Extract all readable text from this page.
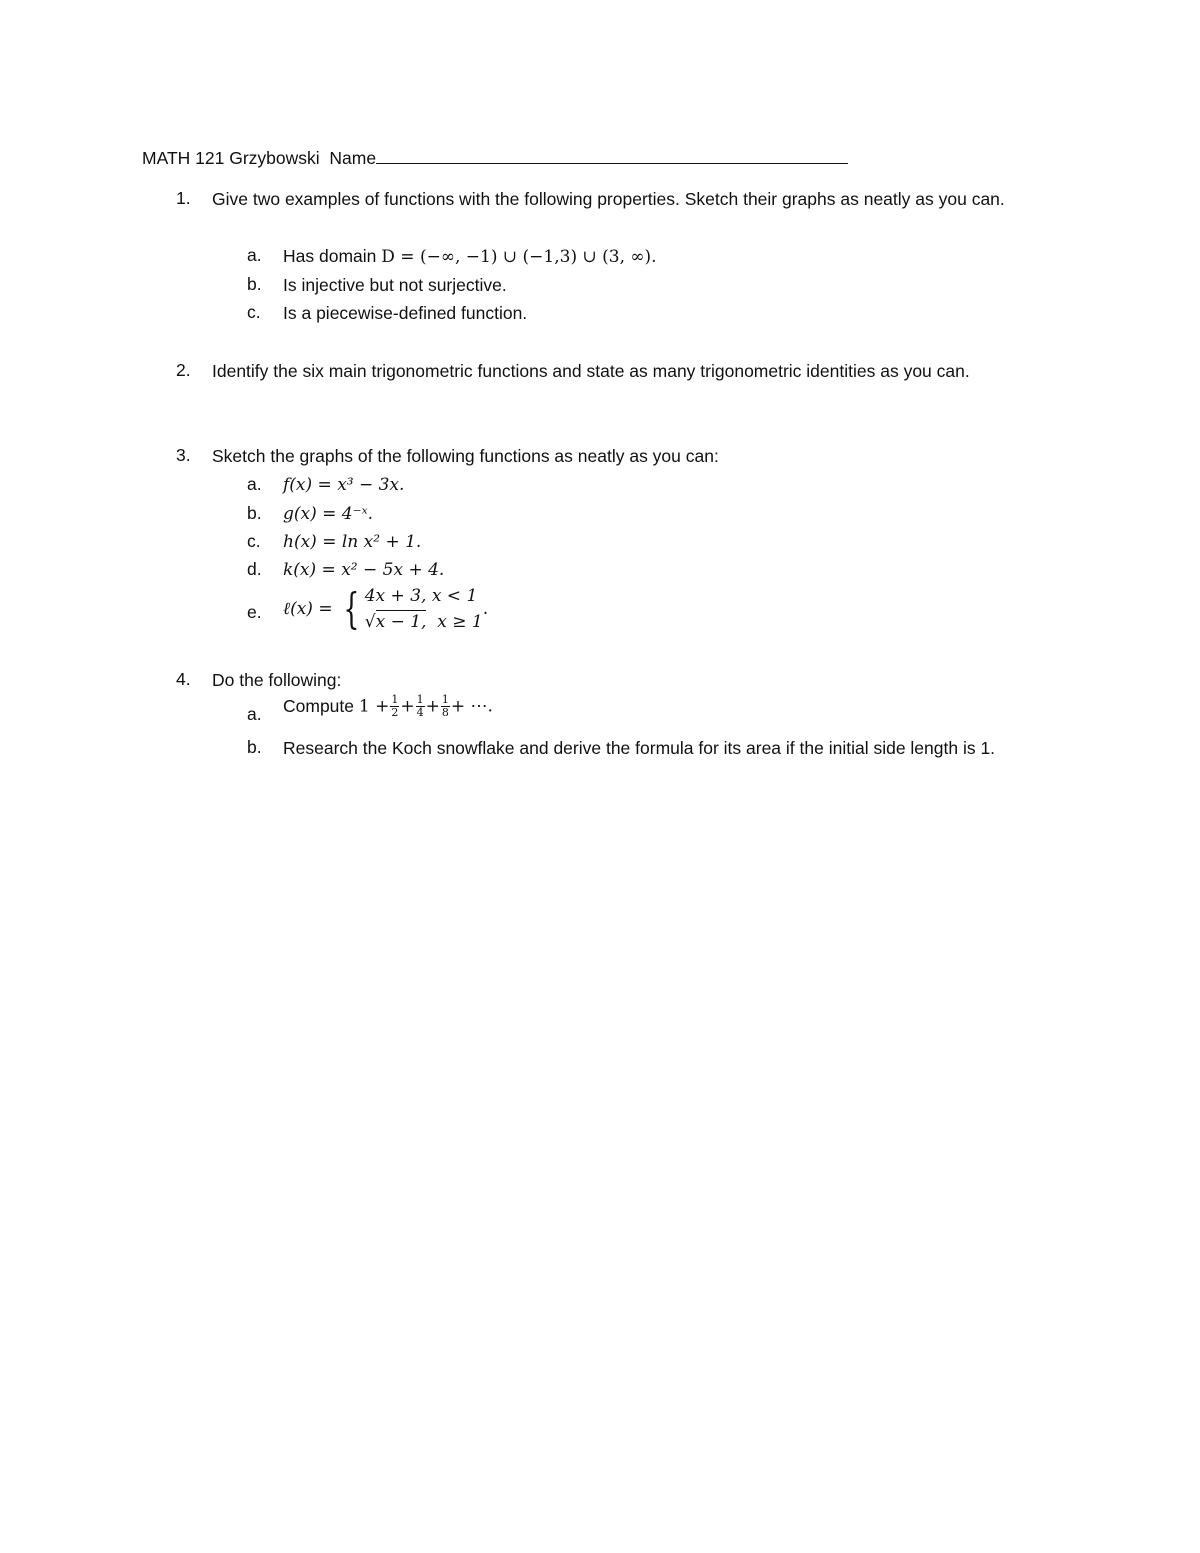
MATH 121 Grzybowski Name
1. Give two examples of functions with the following properties. Sketch their graphs as neatly as you can.
a. Has domain D = (−∞, −1) ∪ (−1,3) ∪ (3, ∞).
b. Is injective but not surjective.
c. Is a piecewise-defined function.
2. Identify the six main trigonometric functions and state as many trigonometric identities as you can.
3. Sketch the graphs of the following functions as neatly as you can:
a. f(x) = x³ − 3x.
b. g(x) = 4⁻ˣ.
c. h(x) = ln x² + 1.
d. k(x) = x² − 5x + 4.
e. ℓ(x) = { 4x + 3, x < 1
√x − 1, x ≥ 1
.
4. Do the following:
a. Compute $1 + \frac{1}{2} + \frac{1}{4} + \frac{1}{8}$ + ⋯.
b. Research the Koch snowflake and derive the formula for its area if the initial side length is 1.
